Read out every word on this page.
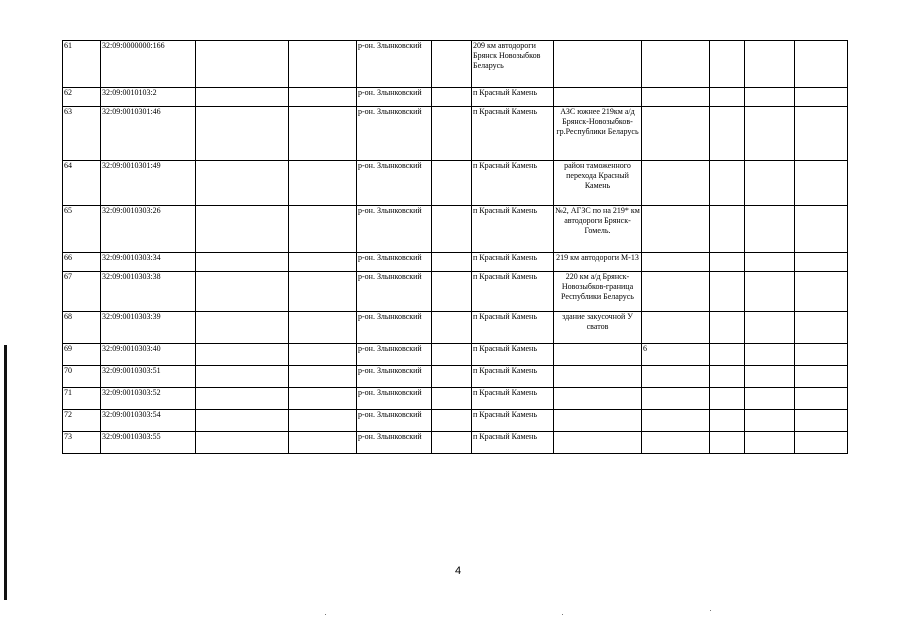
61	32:09:0000000:166			р-он. Злынковский		209 км автодороги Брянск Новозыбков Беларусь					
62	32:09:0010103:2			р-он. Злынковский		п Красный Камень					
63	32:09:0010301:46			р-он. Злынковский		п Красный Камень	АЗС южнее 219км а/д Брянск-Новозыбков-гр.Республики Беларусь				
64	32:09:0010301:49			р-он. Злынковский		п Красный Камень	район таможенного перехода Красный Камень				
65	32:09:0010303:26			р-он. Злынковский		п Красный Камень	№2, АГЗС по на 219* км автодороги Брянск-Гомель.				
66	32:09:0010303:34			р-он. Злынковский		п Красный Камень	219 км автодороги М-13				
67	32:09:0010303:38			р-он. Злынковский		п Красный Камень	220 км а/д Брянск-Новозыбков-граница Республики Беларусь				
68	32:09:0010303:39			р-он. Злынковский		п Красный Камень	здание закусочной У сватов				
69	32:09:0010303:40			р-он. Злынковский		п Красный Камень		6			
70	32:09:0010303:51			р-он. Злынковский		п Красный Камень					
71	32:09:0010303:52			р-он. Злынковский		п Красный Камень					
72	32:09:0010303:54			р-он. Злынковский		п Красный Камень					
73	32:09:0010303:55			р-он. Злынковский		п Красный Камень					
4
